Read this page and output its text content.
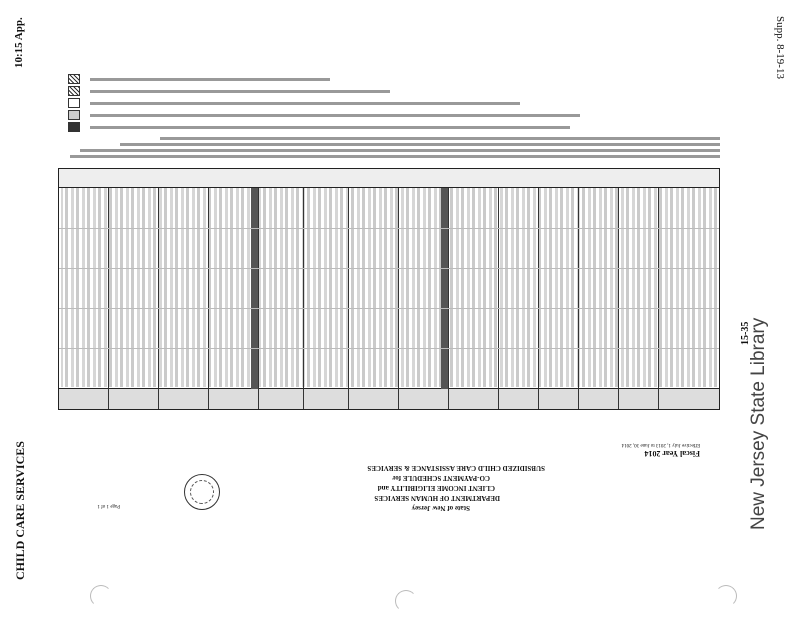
Supp. 8-19-13
10:15 App.
CHILD CARE SERVICES
15-35
New Jersey State Library
State of New Jersey
DEPARTMENT OF HUMAN SERVICES
CLIENT INCOME ELIGIBILITY and
CO-PAYMENT SCHEDULE for
SUBSIDIZED CHILD CARE ASSISTANCE & SERVICES
Fiscal Year 2014
Effective July 1, 2013 to June 30, 2014
Page 1 of 1
